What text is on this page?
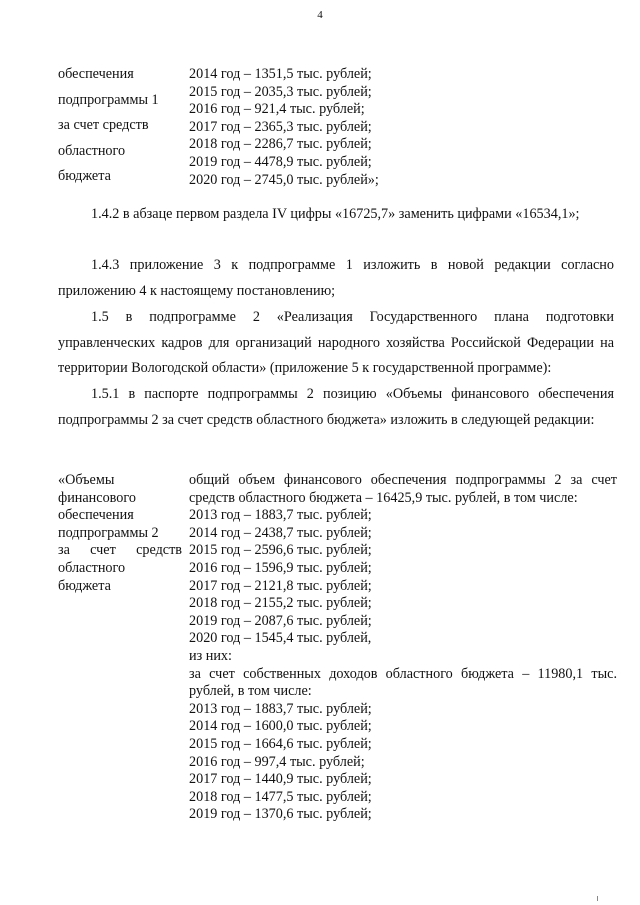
4
обеспечения
подпрограммы 1
за счет средств
областного
бюджета
2014 год – 1351,5 тыс. рублей;
2015 год – 2035,3 тыс. рублей;
2016 год – 921,4 тыс. рублей;
2017 год – 2365,3 тыс. рублей;
2018 год – 2286,7 тыс. рублей;
2019 год – 4478,9 тыс. рублей;
2020 год – 2745,0 тыс. рублей»;
1.4.2 в абзаце первом раздела IV цифры «16725,7» заменить цифрами «16534,1»;
1.4.3 приложение 3 к подпрограмме 1 изложить в новой редакции согласно приложению 4 к настоящему постановлению;
1.5 в подпрограмме 2 «Реализация Государственного плана подготовки управленческих кадров для организаций народного хозяйства Российской Федерации на территории Вологодской области» (приложение 5 к государственной программе):
1.5.1 в паспорте подпрограммы 2 позицию «Объемы финансового обеспечения подпрограммы 2 за счет средств областного бюджета» изложить в следующей редакции:
«Объемы
финансового
обеспечения
подпрограммы 2
за счет средств
областного
бюджета
общий объем финансового обеспечения подпрограммы 2 за счет средств областного бюджета – 16425,9 тыс. рублей, в том числе:
2013 год – 1883,7 тыс. рублей;
2014 год – 2438,7 тыс. рублей;
2015 год – 2596,6 тыс. рублей;
2016 год – 1596,9 тыс. рублей;
2017 год – 2121,8 тыс. рублей;
2018 год – 2155,2 тыс. рублей;
2019 год – 2087,6 тыс. рублей;
2020 год – 1545,4 тыс. рублей,
из них:
за счет собственных доходов областного бюджета – 11980,1 тыс. рублей, в том числе:
2013 год – 1883,7 тыс. рублей;
2014 год – 1600,0 тыс. рублей;
2015 год – 1664,6 тыс. рублей;
2016 год – 997,4 тыс. рублей;
2017 год – 1440,9 тыс. рублей;
2018 год – 1477,5 тыс. рублей;
2019 год – 1370,6 тыс. рублей;
